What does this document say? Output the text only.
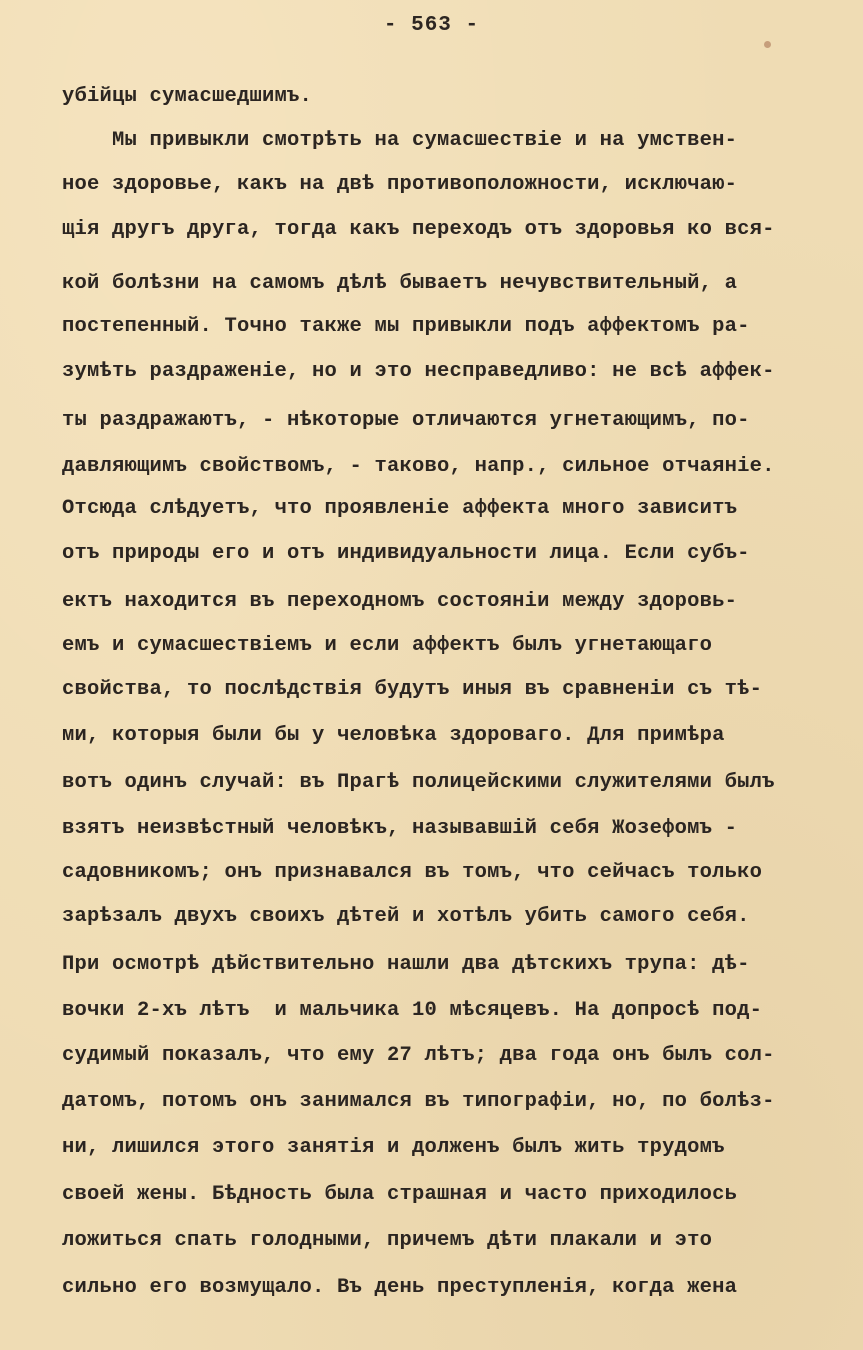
- 563 -
убійцы сумасшедшимъ.
Мы привыкли смотрѣть на сумасшествіе и на умствен-
ное здоровье, какъ на двѣ противоположности, исключаю-
щія другъ друга, тогда какъ переходъ отъ здоровья ко вся-
кой болѣзни на самомъ дѣлѣ бываетъ нечувствительный, а
постепенный. Точно также мы привыкли подъ аффектомъ ра-
зумѣть раздраженіе, но и это несправедливо: не всѣ аффек-
ты раздражаютъ, - нѣкоторые отличаются угнетающимъ, по-
давляющимъ свойствомъ, - таково, напр., сильное отчаяніе.
Отсюда слѣдуетъ, что проявленіе аффекта много зависитъ
отъ природы его и отъ индивидуальности лица. Если субъ-
ектъ находится въ переходномъ состояніи между здоровь-
емъ и сумасшествіемъ и если аффектъ былъ угнетающаго
свойства, то послѣдствія будутъ иныя въ сравненіи съ тѣ-
ми, которыя были бы у человѣка здороваго. Для примѣра
вотъ одинъ случай: въ Прагѣ полицейскими служителями былъ
взятъ неизвѣстный человѣкъ, называвшій себя Жозефомъ -
садовникомъ; онъ признавался въ томъ, что сейчасъ только
зарѣзалъ двухъ своихъ дѣтей и хотѣлъ убить самого себя.
При осмотрѣ дѣйствительно нашли два дѣтскихъ трупа: дѣ-
вочки 2-хъ лѣтъ  и мальчика 10 мѣсяцевъ. На допросѣ под-
судимый показалъ, что ему 27 лѣтъ; два года онъ былъ сол-
датомъ, потомъ онъ занимался въ типографіи, но, по болѣз-
ни, лишился этого занятія и долженъ былъ жить трудомъ
своей жены. Бѣдность была страшная и часто приходилось
ложиться спать голодными, причемъ дѣти плакали и это
сильно его возмущало. Въ день преступленія, когда жена
